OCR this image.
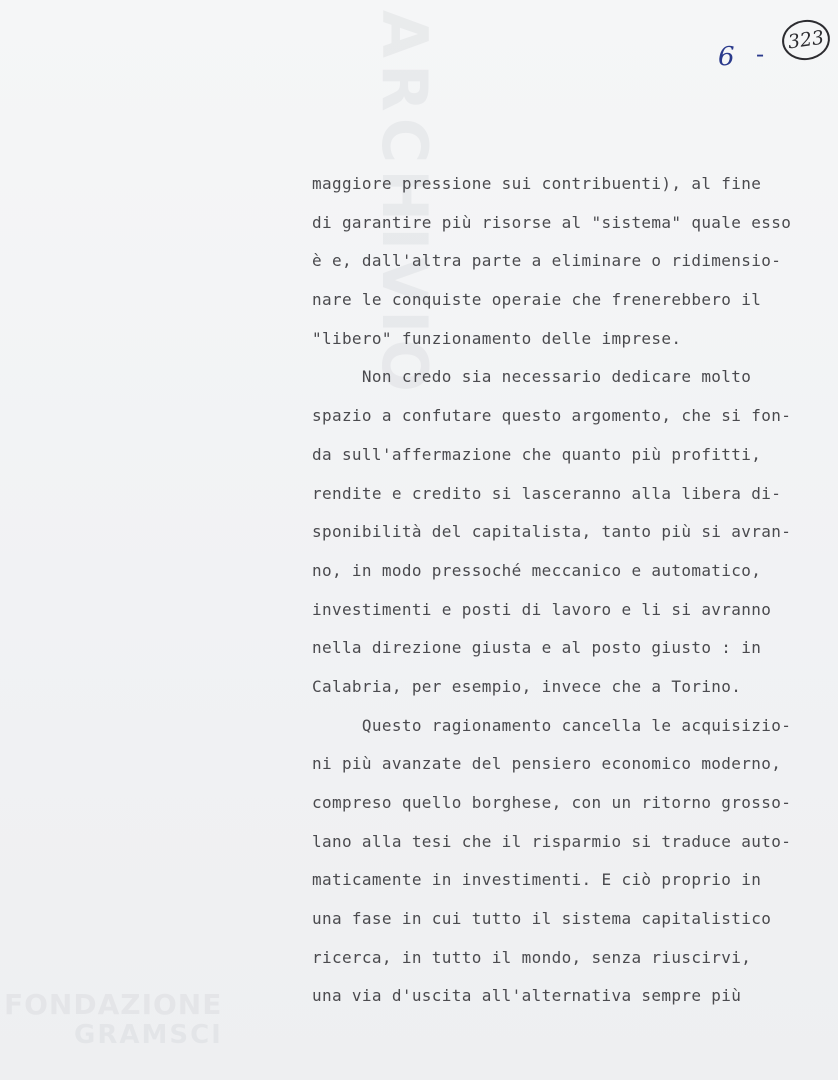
ARCHIVIO
FONDAZIONE
GRAMSCI
6 - 323
maggiore pressione sui contribuenti), al fine
di garantire più risorse al "sistema" quale esso
è e, dall'altra parte a eliminare o ridimensio-
nare le conquiste operaie che frenerebbero il
"libero" funzionamento delle imprese.
Non credo sia necessario dedicare molto
spazio a confutare questo argomento, che si fon-
da sull'affermazione che quanto più profitti,
rendite e credito si lasceranno alla libera di-
sponibilità del capitalista, tanto più si avran-
no, in modo pressoché meccanico e automatico,
investimenti e posti di lavoro e li si avranno
nella direzione giusta e al posto giusto : in
Calabria, per esempio, invece che a Torino.
Questo ragionamento cancella le acquisizio-
ni più avanzate del pensiero economico moderno,
compreso quello borghese, con un ritorno grosso-
lano alla tesi che il risparmio si traduce auto-
maticamente in investimenti. E ciò proprio in
una fase in cui tutto il sistema capitalistico
ricerca, in tutto il mondo, senza riuscirvi,
una via d'uscita all'alternativa sempre più
